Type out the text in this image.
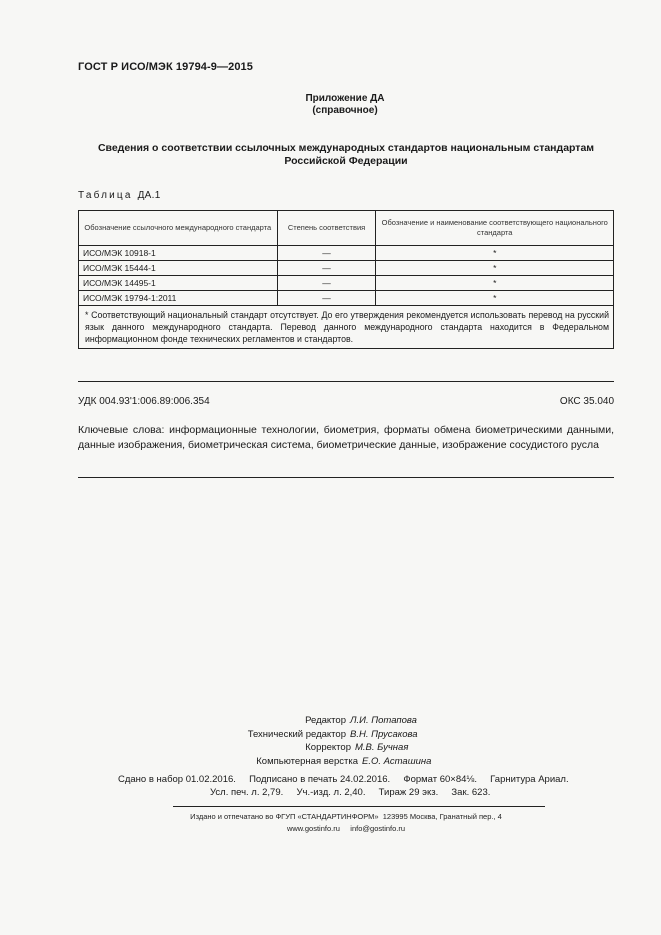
ГОСТ Р ИСО/МЭК 19794-9—2015
Приложение ДА
(справочное)
Сведения о соответствии ссылочных международных стандартов национальным стандартам Российской Федерации
Таблица ДА.1
Обозначение ссылочного международного стандарта	Степень соответствия	Обозначение и наименование соответствующего национального стандарта
ИСО/МЭК 10918-1	—	*
ИСО/МЭК 15444-1	—	*
ИСО/МЭК 14495-1	—	*
ИСО/МЭК 19794-1:2011	—	*
* Соответствующий национальный стандарт отсутствует. До его утверждения рекомендуется использовать перевод на русский язык данного международного стандарта. Перевод данного международного стандарта находится в Федеральном информационном фонде технических регламентов и стандартов.		
УДК 004.93'1:006.89:006.354	ОКС 35.040
Ключевые слова: информационные технологии, биометрия, форматы обмена биометрическими данными, данные изображения, биометрическая система, биометрические данные, изображение сосудистого русла
Редактор Л.И. Потапова
Технический редактор В.Н. Прусакова
Корректор М.В. Бучная
Компьютерная верстка Е.О. Асташина
Сдано в набор 01.02.2016.     Подписано в печать 24.02.2016.     Формат 60×84⅛.     Гарнитура Ариал.
Усл. печ. л. 2,79.     Уч.-изд. л. 2,40.     Тираж 29 экз.     Зак. 623.
Издано и отпечатано во ФГУП «СТАНДАРТИНФОРМ»  123995 Москва, Гранатный пер., 4
www.gostinfo.ru     info@gostinfo.ru
